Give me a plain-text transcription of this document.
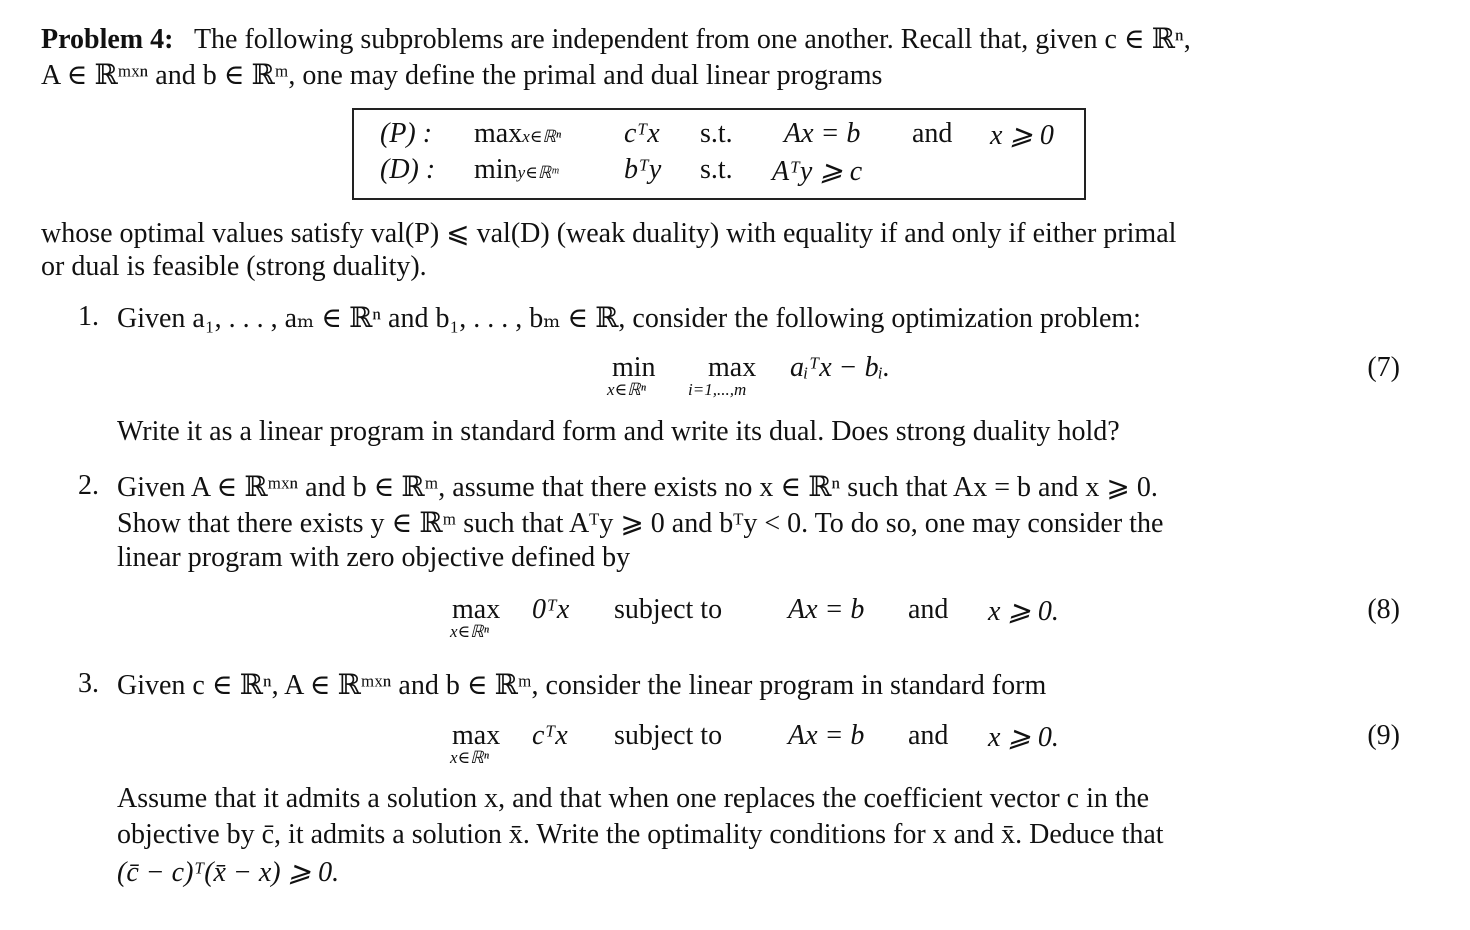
Problem 4: The following subproblems are independent from one another. Recall that, given c ∈ ℝⁿ,
A ∈ ℝᵐˣⁿ and b ∈ ℝᵐ, one may define the primal and dual linear programs
(P) : maxx∈ℝⁿ cᵀx s.t. Ax = b and x ⩾ 0
(D) : miny∈ℝᵐ bᵀy s.t. Aᵀy ⩾ c
whose optimal values satisfy val(P) ⩽ val(D) (weak duality) with equality if and only if either primal
or dual is feasible (strong duality).
1. Given a₁, . . . , aₘ ∈ ℝⁿ and b₁, . . . , bₘ ∈ ℝ, consider the following optimization problem:
min
x∈ℝⁿ
max
i=1,...,m
aᵢᵀx − bᵢ.	(7)
Write it as a linear program in standard form and write its dual. Does strong duality hold?
2. Given A ∈ ℝᵐˣⁿ and b ∈ ℝᵐ, assume that there exists no x ∈ ℝⁿ such that Ax = b and x ⩾ 0.
Show that there exists y ∈ ℝᵐ such that Aᵀy ⩾ 0 and bᵀy < 0. To do so, one may consider the
linear program with zero objective defined by
max
x∈ℝⁿ
0ᵀx subject to Ax = b and x ⩾ 0.	(8)
3. Given c ∈ ℝⁿ, A ∈ ℝᵐˣⁿ and b ∈ ℝᵐ, consider the linear program in standard form
max
x∈ℝⁿ
cᵀx subject to Ax = b and x ⩾ 0.	(9)
Assume that it admits a solution x, and that when one replaces the coefficient vector c in the
objective by c̄, it admits a solution x̄. Write the optimality conditions for x and x̄. Deduce that
(c̄ − c)ᵀ(x̄ − x) ⩾ 0.
